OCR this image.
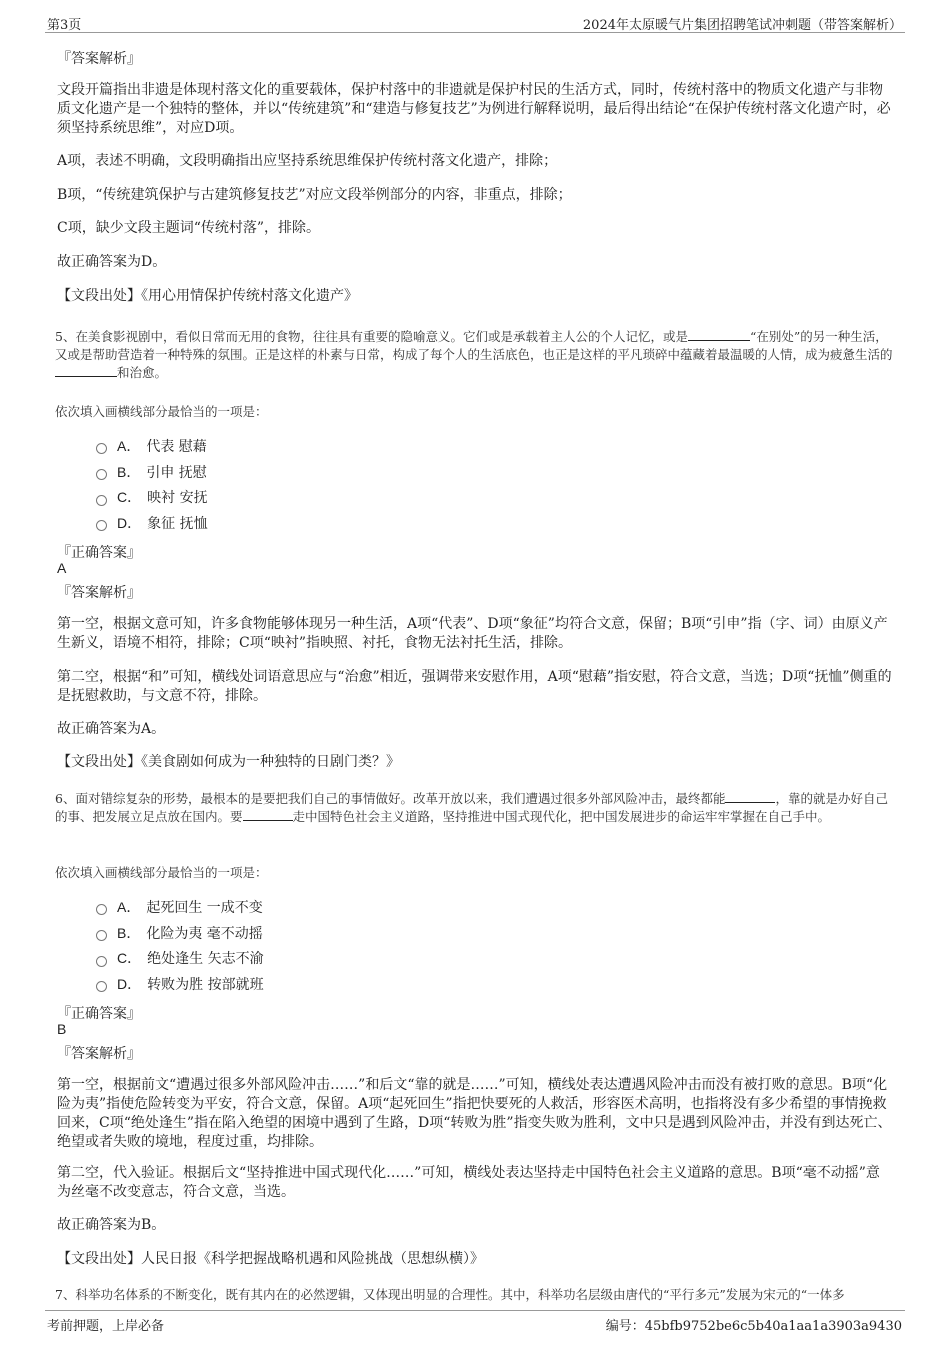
第3页	2024年太原暖气片集团招聘笔试冲刺题（带答案解析）

『答案解析』

文段开篇指出非遗是体现村落文化的重要载体，保护村落中的非遗就是保护村民的生活方式，同时，传统村落中的物质文化遗产与非物质文化遗产是一个独特的整体，并以“传统建筑”和“建造与修复技艺”为例进行解释说明，最后得出结论“在保护传统村落文化遗产时，必须坚持系统思维”，对应D项。

A项，表述不明确，文段明确指出应坚持系统思维保护传统村落文化遗产，排除；

B项，“传统建筑保护与古建筑修复技艺”对应文段举例部分的内容，非重点，排除；

C项，缺少文段主题词“传统村落”，排除。

故正确答案为D。

【文段出处】《用心用情保护传统村落文化遗产》

5、在美食影视剧中，看似日常而无用的食物，往往具有重要的隐喻意义。它们或是承载着主人公的个人记忆，或是	“在别处”的另一种生活，又或是帮助营造着一种特殊的氛围。正是这样的朴素与日常，构成了每个人的生活底色，也正是这样的平凡琐碎中蕴藏着最温暖的人情，成为疲惫生活的和治愈。

依次填入画横线部分最恰当的一项是：

A． 代表 慰藉
B． 引申 抚慰
C． 映衬 安抚
D． 象征 抚恤

『正确答案』

A

『答案解析』

第一空，根据文意可知，许多食物能够体现另一种生活，A项“代表”、D项“象征”均符合文意，保留；B项“引申”指（字、词）由原义产生新义，语境不相符，排除；C项“映衬”指映照、衬托，食物无法衬托生活，排除。

第二空，根据“和”可知，横线处词语意思应与“治愈”相近，强调带来安慰作用，A项“慰藉”指安慰，符合文意，当选；D项“抚恤”侧重的是抚慰救助，与文意不符，排除。

故正确答案为A。

【文段出处】《美食剧如何成为一种独特的日剧门类？》

6、面对错综复杂的形势，最根本的是要把我们自己的事情做好。改革开放以来，我们遭遇过很多外部风险冲击，最终都能	，靠的就是办好自己的事、把发展立足点放在国内。要	走中国特色社会主义道路，坚持推进中国式现代化，把中国发展进步的命运牢牢掌握在自己手中。

依次填入画横线部分最恰当的一项是：

A． 起死回生 一成不变
B． 化险为夷 毫不动摇
C． 绝处逢生 矢志不渝
D． 转败为胜 按部就班

『正确答案』

B

『答案解析』

第一空，根据前文“遭遇过很多外部风险冲击……”和后文“靠的就是……”可知，横线处表达遭遇风险冲击而没有被打败的意思。B项“化险为夷”指使危险转变为平安，符合文意，保留。A项“起死回生”指把快要死的人救活，形容医术高明，也指将没有多少希望的事情挽救回来，C项“绝处逢生”指在陷入绝望的困境中遇到了生路，D项“转败为胜”指变失败为胜利，文中只是遇到风险冲击，并没有到达死亡、绝望或者失败的境地，程度过重，均排除。

第二空，代入验证。根据后文“坚持推进中国式现代化……”可知，横线处表达坚持走中国特色社会主义道路的意思。B项“毫不动摇”意为丝毫不改变意志，符合文意，当选。

故正确答案为B。

【文段出处】人民日报《科学把握战略机遇和风险挑战（思想纵横）》

7、科举功名体系的不断变化，既有其内在的必然逻辑，又体现出明显的合理性。其中，科举功名层级由唐代的“平行多元”发展为宋元的“一体多

考前押题，上岸必备	编号：45bfb9752be6c5b40a1aa1a3903a9430
